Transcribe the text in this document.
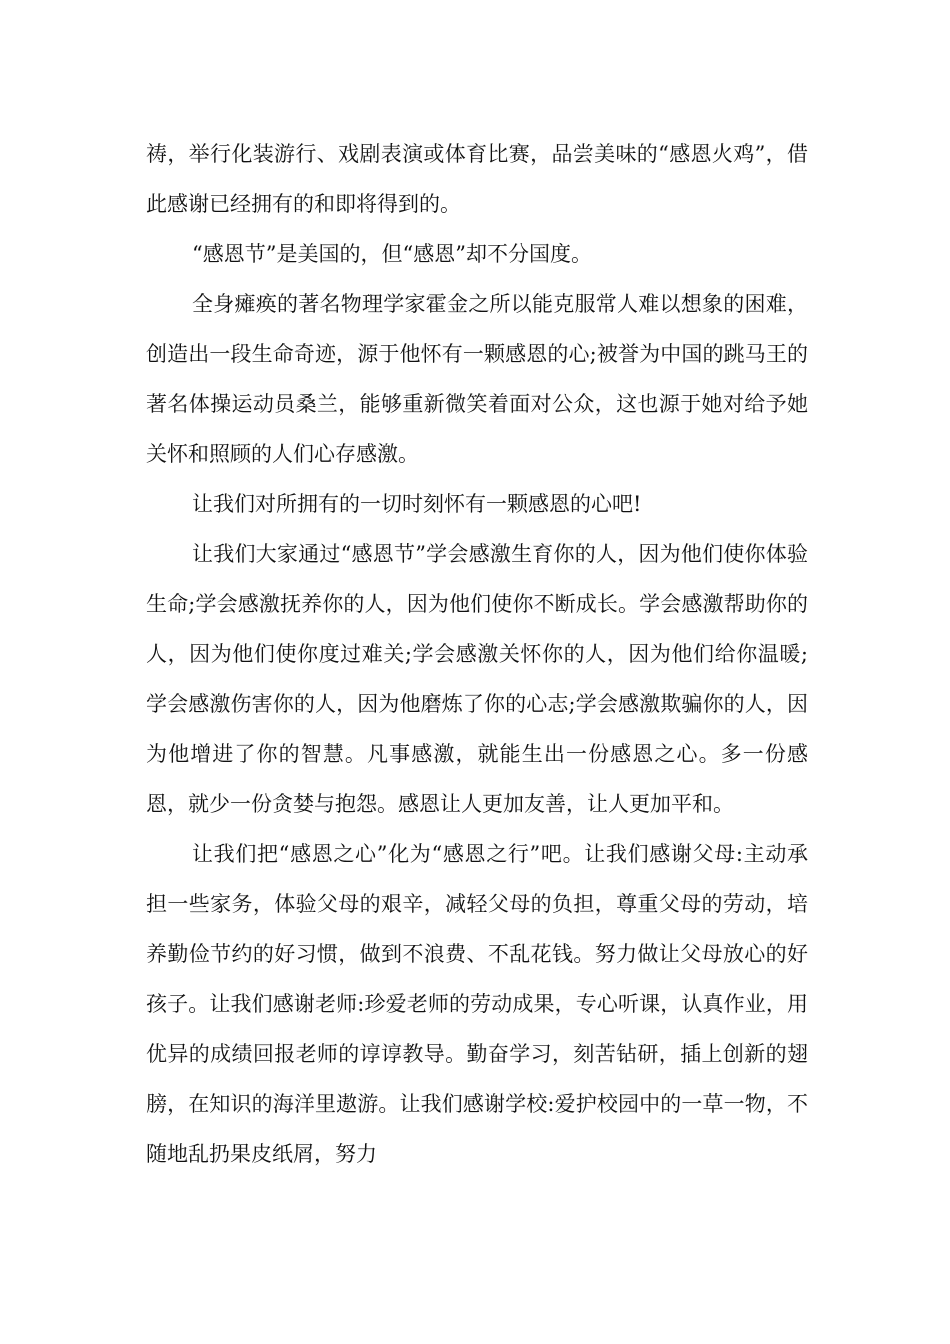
祷，举行化装游行、戏剧表演或体育比赛，品尝美味的“感恩火鸡”，借此感谢已经拥有的和即将得到的。

“感恩节”是美国的，但“感恩”却不分国度。

全身瘫痪的著名物理学家霍金之所以能克服常人难以想象的困难，创造出一段生命奇迹，源于他怀有一颗感恩的心;被誉为中国的跳马王的著名体操运动员桑兰，能够重新微笑着面对公众，这也源于她对给予她关怀和照顾的人们心存感激。

让我们对所拥有的一切时刻怀有一颗感恩的心吧!

让我们大家通过“感恩节”学会感激生育你的人，因为他们使你体验生命;学会感激抚养你的人，因为他们使你不断成长。学会感激帮助你的人，因为他们使你度过难关;学会感激关怀你的人，因为他们给你温暖;学会感激伤害你的人，因为他磨炼了你的心志;学会感激欺骗你的人，因为他增进了你的智慧。凡事感激，就能生出一份感恩之心。多一份感恩，就少一份贪婪与抱怨。感恩让人更加友善，让人更加平和。

让我们把“感恩之心”化为“感恩之行”吧。让我们感谢父母:主动承担一些家务，体验父母的艰辛，减轻父母的负担，尊重父母的劳动，培养勤俭节约的好习惯，做到不浪费、不乱花钱。努力做让父母放心的好孩子。让我们感谢老师:珍爱老师的劳动成果，专心听课，认真作业，用优异的成绩回报老师的谆谆教导。勤奋学习，刻苦钻研，插上创新的翅膀，在知识的海洋里遨游。让我们感谢学校:爱护校园中的一草一物，不随地乱扔果皮纸屑，努力
